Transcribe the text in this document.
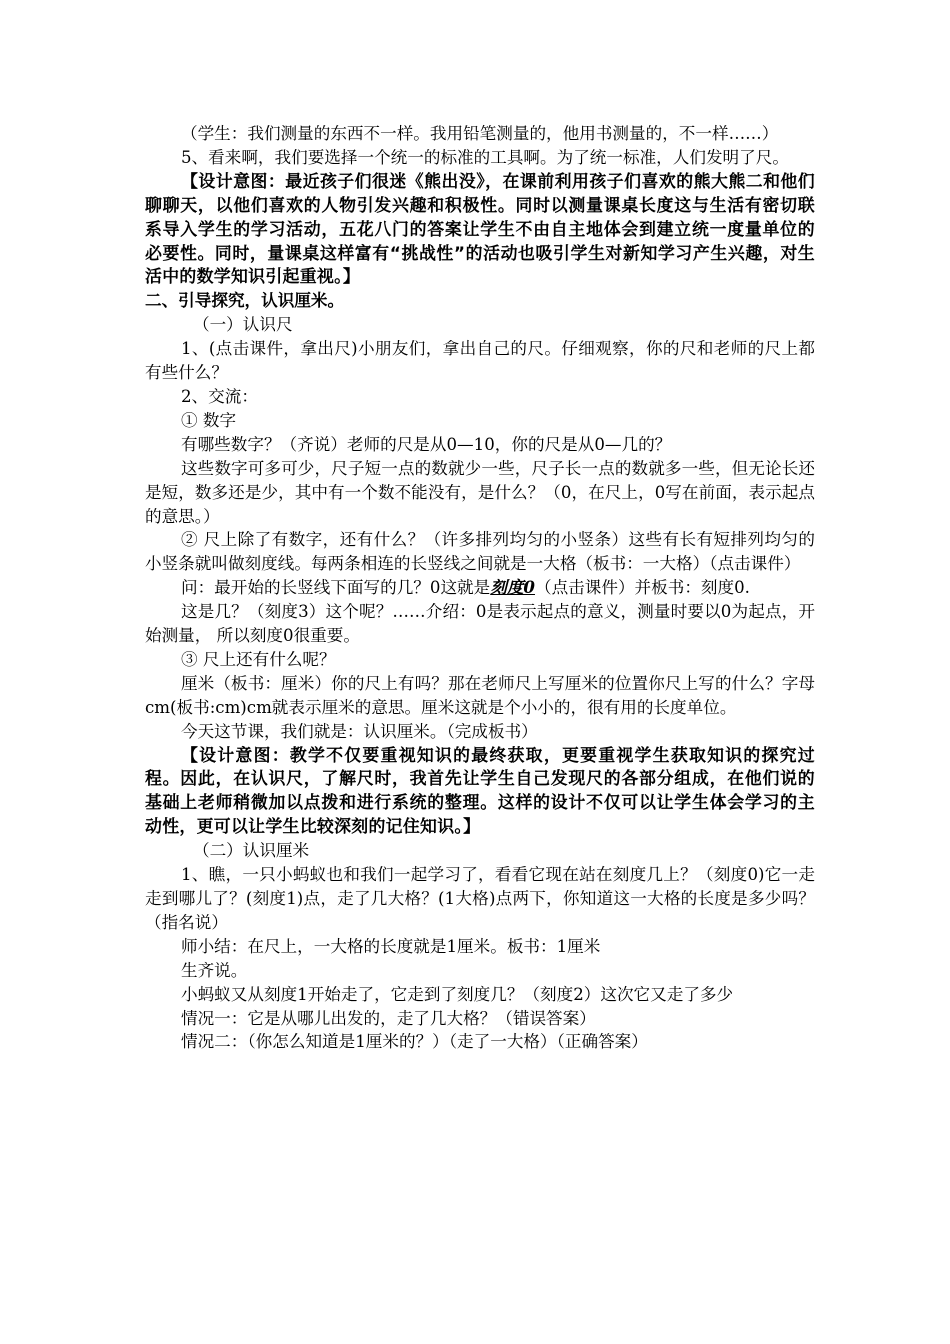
（学生：我们测量的东西不一样。我用铅笔测量的，他用书测量的，不一样……）

5、看来啊，我们要选择一个统一的标准的工具啊。为了统一标准，人们发明了尺。

【设计意图：最近孩子们很迷《熊出没》，在课前利用孩子们喜欢的熊大熊二和他们聊聊天，以他们喜欢的人物引发兴趣和积极性。同时以测量课桌长度这与生活有密切联系导入学生的学习活动，五花八门的答案让学生不由自主地体会到建立统一度量单位的必要性。同时，量课桌这样富有“挑战性”的活动也吸引学生对新知学习产生兴趣，对生活中的数学知识引起重视。】

二、引导探究，认识厘米。

（一）认识尺

1、(点击课件，拿出尺)小朋友们，拿出自己的尺。仔细观察，你的尺和老师的尺上都有些什么？

2、交流：

① 数字

有哪些数字？（齐说）老师的尺是从0—10，你的尺是从0—几的？

这些数字可多可少，尺子短一点的数就少一些，尺子长一点的数就多一些，但无论长还是短，数多还是少，其中有一个数不能没有，是什么？（0，在尺上，0写在前面，表示起点的意思。）

② 尺上除了有数字，还有什么？（许多排列均匀的小竖条）这些有长有短排列均匀的小竖条就叫做刻度线。每两条相连的长竖线之间就是一大格（板书：一大格）（点击课件）

问：最开始的长竖线下面写的几？0这就是刻度0（点击课件）并板书：刻度0.

这是几？（刻度3）这个呢？……介绍：0是表示起点的意义，测量时要以0为起点，开始测量， 所以刻度0很重要。

③ 尺上还有什么呢？

厘米（板书：厘米）你的尺上有吗？那在老师尺上写厘米的位置你尺上写的什么？字母cm(板书:cm)cm就表示厘米的意思。厘米这就是个小小的，很有用的长度单位。

今天这节课，我们就是：认识厘米。（完成板书）

【设计意图：教学不仅要重视知识的最终获取，更要重视学生获取知识的探究过程。因此，在认识尺，了解尺时，我首先让学生自己发现尺的各部分组成，在他们说的基础上老师稍微加以点拨和进行系统的整理。这样的设计不仅可以让学生体会学习的主动性，更可以让学生比较深刻的记住知识。】

（二）认识厘米

1、瞧，一只小蚂蚁也和我们一起学习了，看看它现在站在刻度几上？（刻度0)它一走走到哪儿了？(刻度1)点，走了几大格？(1大格)点两下，你知道这一大格的长度是多少吗？（指名说）

师小结：在尺上，一大格的长度就是1厘米。板书：1厘米

生齐说。

小蚂蚁又从刻度1开始走了，它走到了刻度几？（刻度2）这次它又走了多少

情况一：它是从哪儿出发的，走了几大格？（错误答案）

情况二：（你怎么知道是1厘米的？）（走了一大格）（正确答案）
